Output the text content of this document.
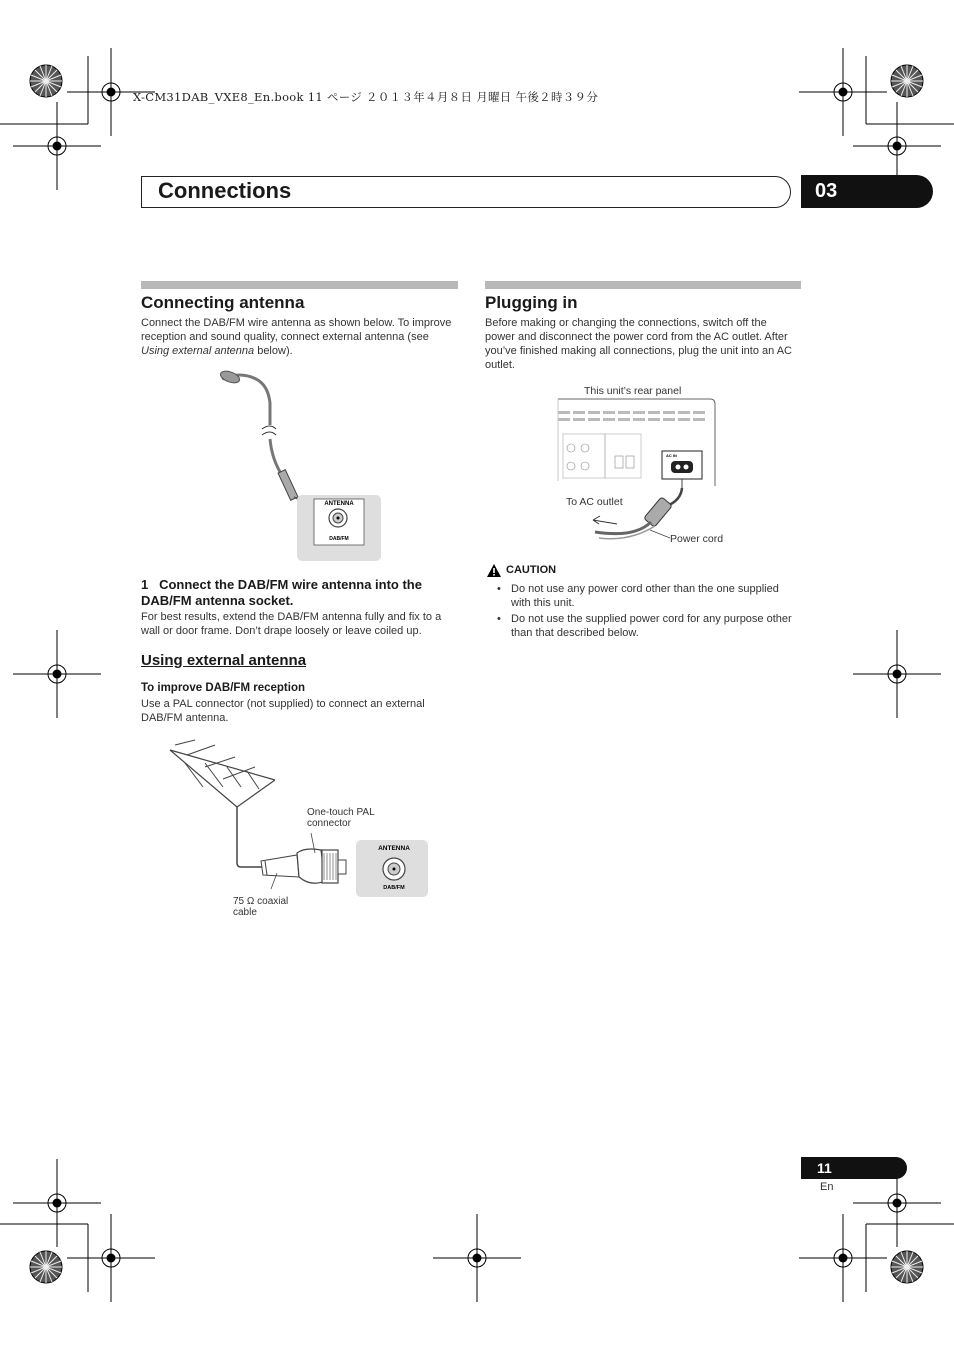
X-CM31DAB_VXE8_En.book 11 ページ ２０１３年４月８日 月曜日 午後２時３９分
Connections	03
Connecting antenna
Connect the DAB/FM wire antenna as shown below. To improve reception and sound quality, connect external antenna (see Using external antenna below).
ANTENNA
DAB/FM
1 Connect the DAB/FM wire antenna into the DAB/FM antenna socket.
For best results, extend the DAB/FM antenna fully and fix to a wall or door frame. Don’t drape loosely or leave coiled up.
Using external antenna
To improve DAB/FM reception
Use a PAL connector (not supplied) to connect an external DAB/FM antenna.
ANTENNA
DAB/FM
One-touch PAL
connector
75 Ω coaxial
cable
Plugging in
Before making or changing the connections, switch off the power and disconnect the power cord from the AC outlet. After you’ve finished making all connections, plug the unit into an AC outlet.
This unit’s rear panel
AC IN
To AC outlet
Power cord
CAUTION
• Do not use any power cord other than the one supplied with this unit.
• Do not use the supplied power cord for any purpose other than that described below.
11
En
